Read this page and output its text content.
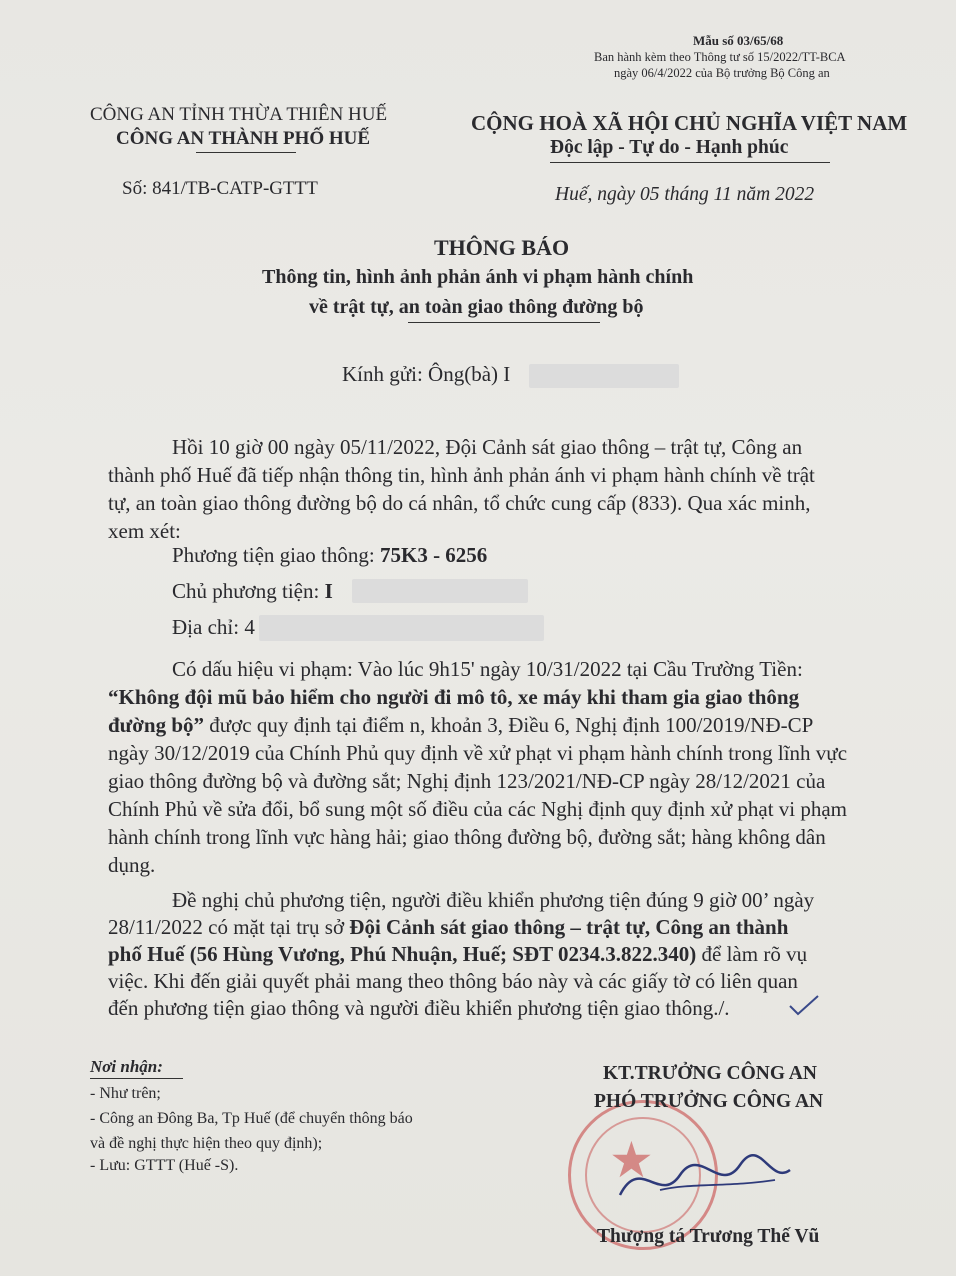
Mẫu số 03/65/68
Ban hành kèm theo Thông tư số 15/2022/TT-BCA
ngày 06/4/2022 của Bộ trưởng Bộ Công an
CÔNG AN TỈNH THỪA THIÊN HUẾ
CÔNG AN THÀNH PHỐ HUẾ
Số: 841/TB-CATP-GTTT
CỘNG HOÀ XÃ HỘI CHỦ NGHĨA VIỆT NAM
Độc lập - Tự do - Hạnh phúc
Huế, ngày 05 tháng 11 năm 2022
THÔNG BÁO
Thông tin, hình ảnh phản ánh vi phạm hành chính
về trật tự, an toàn giao thông đường bộ
Kính gửi: Ông(bà) I
Hồi 10 giờ 00 ngày 05/11/2022, Đội Cảnh sát giao thông – trật tự, Công an
thành phố Huế đã tiếp nhận thông tin, hình ảnh phản ánh vi phạm hành chính về trật
tự, an toàn giao thông đường bộ do cá nhân, tổ chức cung cấp (833). Qua xác minh,
xem xét:
Phương tiện giao thông: 75K3 - 6256
Chủ phương tiện: I
Địa chỉ: 4
Có dấu hiệu vi phạm: Vào lúc 9h15' ngày 10/31/2022 tại Cầu Trường Tiền:
“Không đội mũ bảo hiểm cho người đi mô tô, xe máy khi tham gia giao thông
đường bộ” được quy định tại điểm n, khoản 3, Điều 6, Nghị định 100/2019/NĐ-CP
ngày 30/12/2019 của Chính Phủ quy định về xử phạt vi phạm hành chính trong lĩnh vực
giao thông đường bộ và đường sắt; Nghị định 123/2021/NĐ-CP ngày 28/12/2021 của
Chính Phủ về sửa đổi, bổ sung một số điều của các Nghị định quy định xử phạt vi phạm
hành chính trong lĩnh vực hàng hải; giao thông đường bộ, đường sắt; hàng không dân
dụng.
Đề nghị chủ phương tiện, người điều khiển phương tiện đúng 9 giờ 00’ ngày
28/11/2022 có mặt tại trụ sở Đội Cảnh sát giao thông – trật tự, Công an thành
phố Huế (56 Hùng Vương, Phú Nhuận, Huế; SĐT 0234.3.822.340) để làm rõ vụ
việc. Khi đến giải quyết phải mang theo thông báo này và các giấy tờ có liên quan
đến phương tiện giao thông và người điều khiển phương tiện giao thông./.
Nơi nhận:
- Như trên;
- Công an Đông Ba, Tp Huế (để chuyển thông báo
và đề nghị thực hiện theo quy định);
- Lưu: GTTT (Huế -S).	★
KT.TRƯỞNG CÔNG AN
PHÓ TRƯỞNG CÔNG AN
Thượng tá Trương Thế Vũ
